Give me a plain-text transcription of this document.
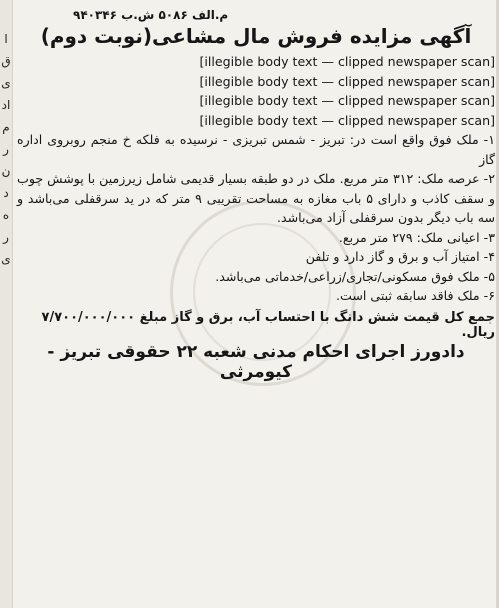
ا
ق
ی
اد
م
ر
ن
د
ه
ر
ی
م.الف ۵۰۸۶ ش.ب ۹۴۰۳۴۶
آگهی مزایده فروش مال مشاعی(نوبت دوم)

[illegible body text — clipped newspaper scan]

[illegible body text — clipped newspaper scan]

[illegible body text — clipped newspaper scan]

[illegible body text — clipped newspaper scan]

۱- ملک فوق واقع است در: تبریز - شمس تبریزی - نرسیده به فلکه خ منجم روبروی اداره گاز

۲- عرصه ملک: ۳۱۲ متر مربع. ملک در دو طبقه بسیار قدیمی شامل زیرزمین با پوشش چوب و سقف کاذب و دارای ۵ باب مغازه به مساحت تقریبی ۹ متر که در ید سرقفلی می‌باشد و سه باب دیگر بدون سرقفلی آزاد می‌باشد.

۳- اعیانی ملک: ۲۷۹ متر مربع.

۴- امتیاز آب و برق و گاز دارد و تلفن

۵- ملک فوق مسکونی/تجاری/زراعی/خدماتی می‌باشد.

۶- ملک فاقد سابقه ثبتی است.

جمع کل قیمت شش دانگ با احتساب آب، برق و گاز مبلغ ۷/۷۰۰/۰۰۰/۰۰۰ ریال.
دادورز اجرای احکام مدنی شعبه ۲۲ حقوقی تبریز - کیومرثی
